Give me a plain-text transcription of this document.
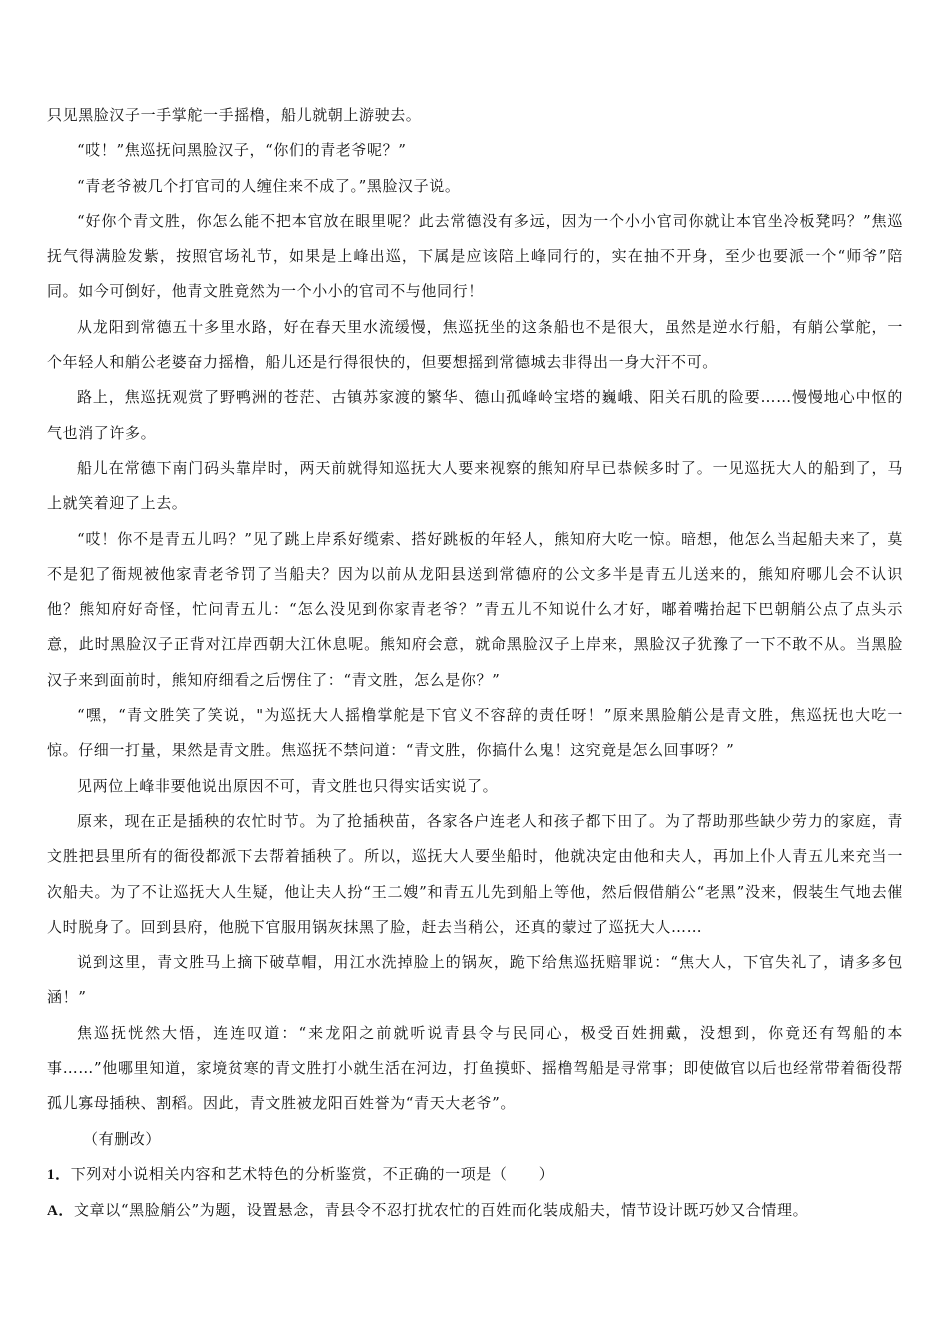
只见黑脸汉子一手掌舵一手摇橹，船儿就朝上游驶去。

“哎！”焦巡抚问黑脸汉子，“你们的青老爷呢？”

“青老爷被几个打官司的人缠住来不成了。”黑脸汉子说。

“好你个青文胜，你怎么能不把本官放在眼里呢？此去常德没有多远，因为一个小小官司你就让本官坐冷板凳吗？”焦巡抚气得满脸发紫，按照官场礼节，如果是上峰出巡，下属是应该陪上峰同行的，实在抽不开身，至少也要派一个“师爷”陪同。如今可倒好，他青文胜竟然为一个小小的官司不与他同行！

从龙阳到常德五十多里水路，好在春天里水流缓慢，焦巡抚坐的这条船也不是很大，虽然是逆水行船，有艄公掌舵，一个年轻人和艄公老婆奋力摇橹，船儿还是行得很快的，但要想摇到常德城去非得出一身大汗不可。

路上，焦巡抚观赏了野鸭洲的苍茫、古镇苏家渡的繁华、德山孤峰岭宝塔的巍峨、阳关石肌的险要……慢慢地心中怄的气也消了许多。

船儿在常德下南门码头靠岸时，两天前就得知巡抚大人要来视察的熊知府早已恭候多时了。一见巡抚大人的船到了，马上就笑着迎了上去。

“哎！你不是青五儿吗？”见了跳上岸系好缆索、搭好跳板的年轻人，熊知府大吃一惊。暗想，他怎么当起船夫来了，莫不是犯了衙规被他家青老爷罚了当船夫？因为以前从龙阳县送到常德府的公文多半是青五儿送来的，熊知府哪儿会不认识他？熊知府好奇怪，忙问青五儿：“怎么没见到你家青老爷？”青五儿不知说什么才好，嘟着嘴抬起下巴朝艄公点了点头示意，此时黑脸汉子正背对江岸西朝大江休息呢。熊知府会意，就命黑脸汉子上岸来，黑脸汉子犹豫了一下不敢不从。当黑脸汉子来到面前时，熊知府细看之后愣住了：“青文胜，怎么是你？”

“嘿，“青文胜笑了笑说，"为巡抚大人摇橹掌舵是下官义不容辞的责任呀！”原来黑脸艄公是青文胜，焦巡抚也大吃一惊。仔细一打量，果然是青文胜。焦巡抚不禁问道：“青文胜，你搞什么鬼！这究竟是怎么回事呀？”

见两位上峰非要他说出原因不可，青文胜也只得实话实说了。

原来，现在正是插秧的农忙时节。为了抢插秧苗，各家各户连老人和孩子都下田了。为了帮助那些缺少劳力的家庭，青文胜把县里所有的衙役都派下去帮着插秧了。所以，巡抚大人要坐船时，他就决定由他和夫人，再加上仆人青五儿来充当一次船夫。为了不让巡抚大人生疑，他让夫人扮“王二嫂”和青五儿先到船上等他，然后假借艄公“老黑”没来，假装生气地去催人时脱身了。回到县府，他脱下官服用锅灰抹黑了脸，赶去当稍公，还真的蒙过了巡抚大人……

说到这里，青文胜马上摘下破草帽，用江水洗掉脸上的锅灰，跪下给焦巡抚赔罪说：“焦大人，下官失礼了，请多多包涵！”

焦巡抚恍然大悟，连连叹道：“来龙阳之前就听说青县令与民同心，极受百姓拥戴，没想到，你竟还有驾船的本事……”他哪里知道，家境贫寒的青文胜打小就生活在河边，打鱼摸虾、摇橹驾船是寻常事；即使做官以后也经常带着衙役帮孤儿寡母插秧、割稻。因此，青文胜被龙阳百姓誉为“青天大老爷”。

（有删改）

1．下列对小说相关内容和艺术特色的分析鉴赏，不正确的一项是（　　）

A．文章以“黑脸艄公”为题，设置悬念，青县令不忍打扰农忙的百姓而化装成船夫，情节设计既巧妙又合情理。
